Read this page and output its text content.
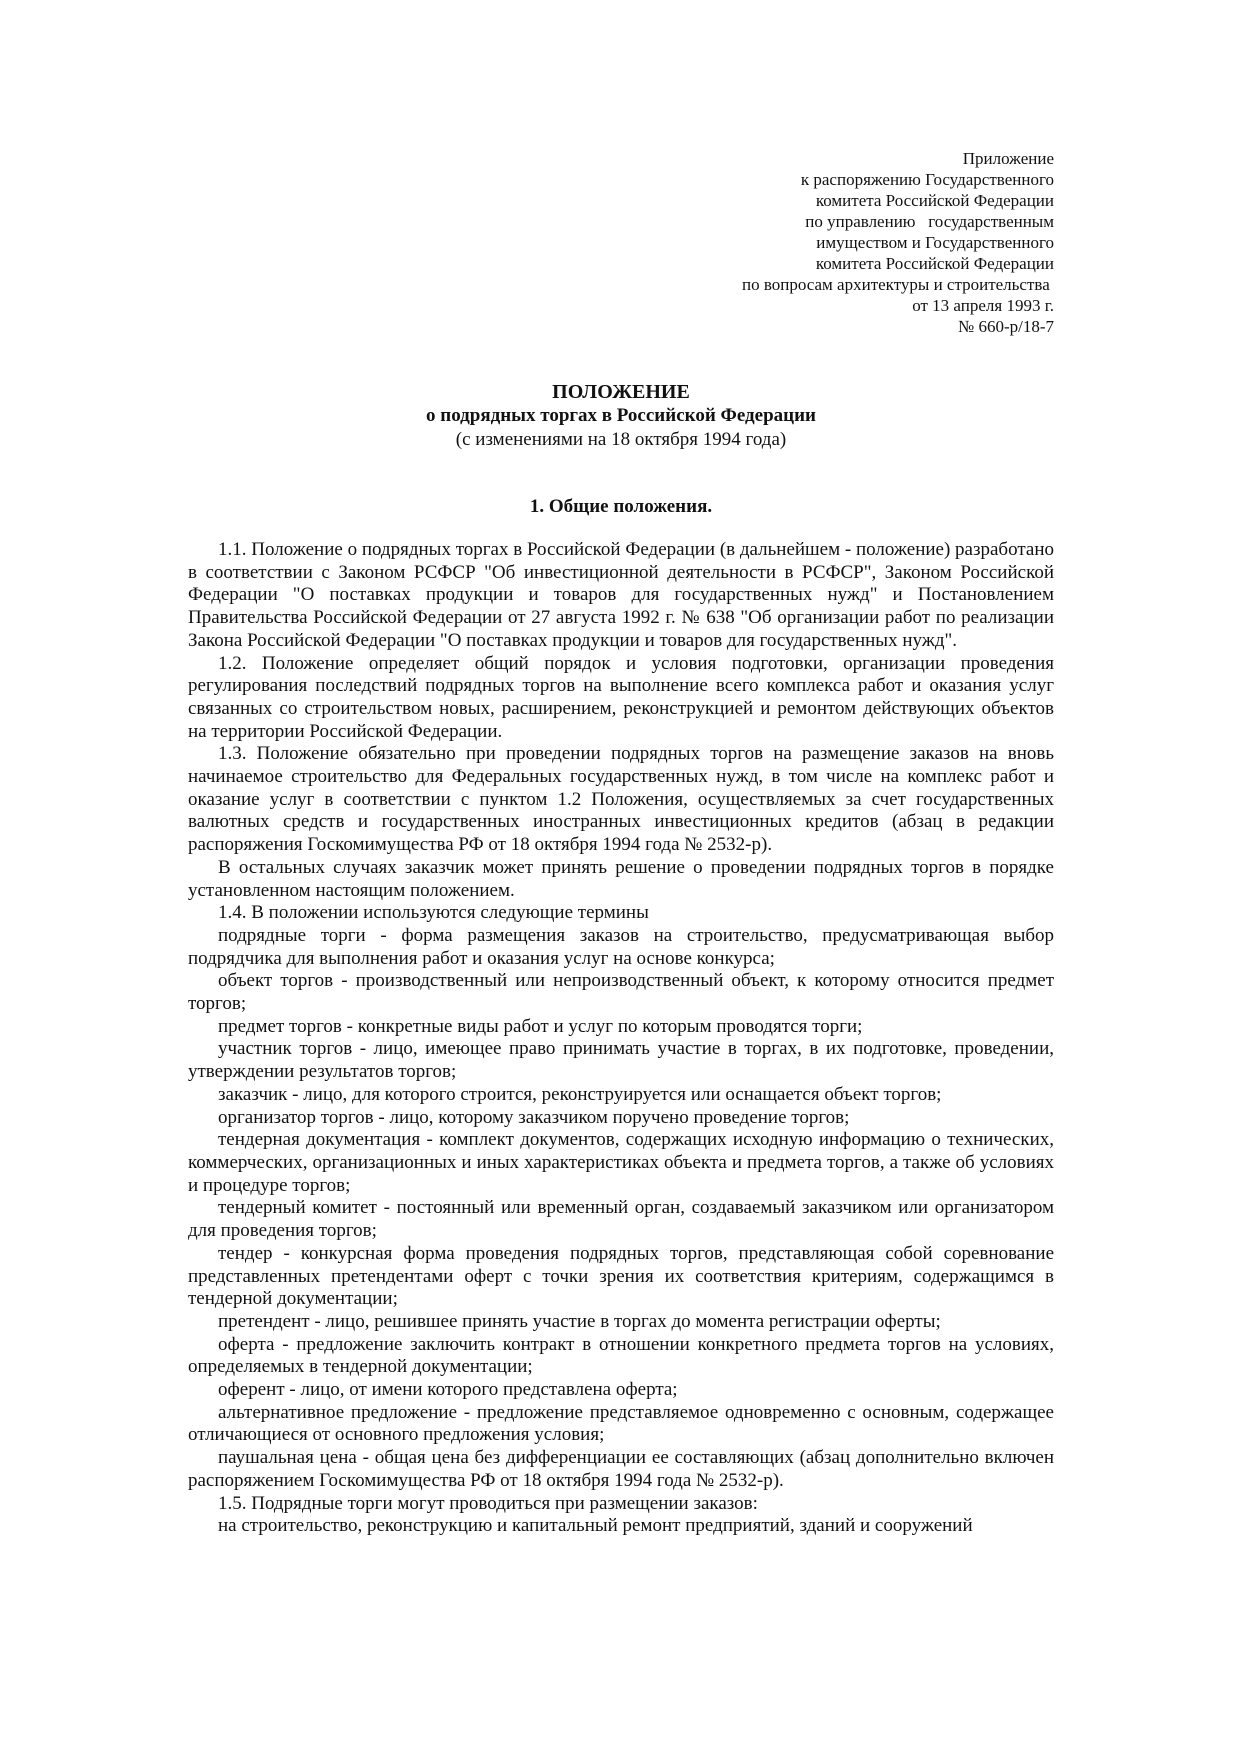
Приложение
к распоряжению Государственного
комитета Российской Федерации
по управлению   государственным
имуществом и Государственного
комитета Российской Федерации
по вопросам архитектуры и строительства
от 13 апреля 1993 г.
№ 660-р/18-7
ПОЛОЖЕНИЕ
о подрядных торгах в Российской Федерации
(с изменениями на 18 октября 1994 года)
1. Общие положения.

1.1. Положение о подрядных торгах в Российской Федерации (в дальнейшем - положение) разработано в соответствии с Законом РСФСР "Об инвестиционной деятельности в РСФСР", Законом Российской Федерации "О поставках продукции и товаров для государственных нужд" и Постановлением Правительства Российской Федерации от 27 августа 1992 г. № 638 "Об организации работ по реализации Закона Российской Федерации "О поставках продукции и товаров для государственных нужд".

1.2. Положение определяет общий порядок и условия подготовки, организации проведения регулирования последствий подрядных торгов на выполнение всего комплекса работ и оказания услуг связанных со строительством новых, расширением, реконструкцией и ремонтом действующих объектов на территории Российской Федерации.

1.3. Положение обязательно при проведении подрядных торгов на размещение заказов на вновь начинаемое строительство для Федеральных государственных нужд, в том числе на комплекс работ и оказание услуг в соответствии с пунктом 1.2 Положения, осуществляемых за счет государственных валютных средств и государственных иностранных инвестиционных кредитов (абзац в редакции распоряжения Госкомимущества РФ от 18 октября 1994 года № 2532-р).

В остальных случаях заказчик может принять решение о проведении подрядных торгов в порядке установленном настоящим положением.

1.4. В положении используются следующие термины

подрядные торги - форма размещения заказов на строительство, предусматривающая выбор подрядчика для выполнения работ и оказания услуг на основе конкурса;

объект торгов - производственный или непроизводственный объект, к которому относится предмет торгов;

предмет торгов - конкретные виды работ и услуг по которым проводятся торги;

участник торгов - лицо, имеющее право принимать участие в торгах, в их подготовке, проведении, утверждении результатов торгов;

заказчик - лицо, для которого строится, реконструируется или оснащается объект торгов;

организатор торгов - лицо, которому заказчиком поручено проведение торгов;

тендерная документация - комплект документов, содержащих исходную информацию о технических, коммерческих, организационных и иных характеристиках объекта и предмета торгов, а также об условиях и процедуре торгов;

тендерный комитет - постоянный или временный орган, создаваемый заказчиком или организатором для проведения торгов;

тендер - конкурсная форма проведения подрядных торгов, представляющая собой соревнование представленных претендентами оферт с точки зрения их соответствия критериям, содержащимся в тендерной документации;

претендент - лицо, решившее принять участие в торгах до момента регистрации оферты;

оферта - предложение заключить контракт в отношении конкретного предмета торгов на условиях, определяемых в тендерной документации;

оферент - лицо, от имени которого представлена оферта;

альтернативное предложение - предложение представляемое одновременно с основным, содержащее отличающиеся от основного предложения условия;

паушальная цена - общая цена без дифференциации ее составляющих (абзац дополнительно включен распоряжением Госкомимущества РФ от 18 октября 1994 года № 2532-р).

1.5. Подрядные торги могут проводиться при размещении заказов:

на строительство, реконструкцию и капитальный ремонт предприятий, зданий и сооружений
